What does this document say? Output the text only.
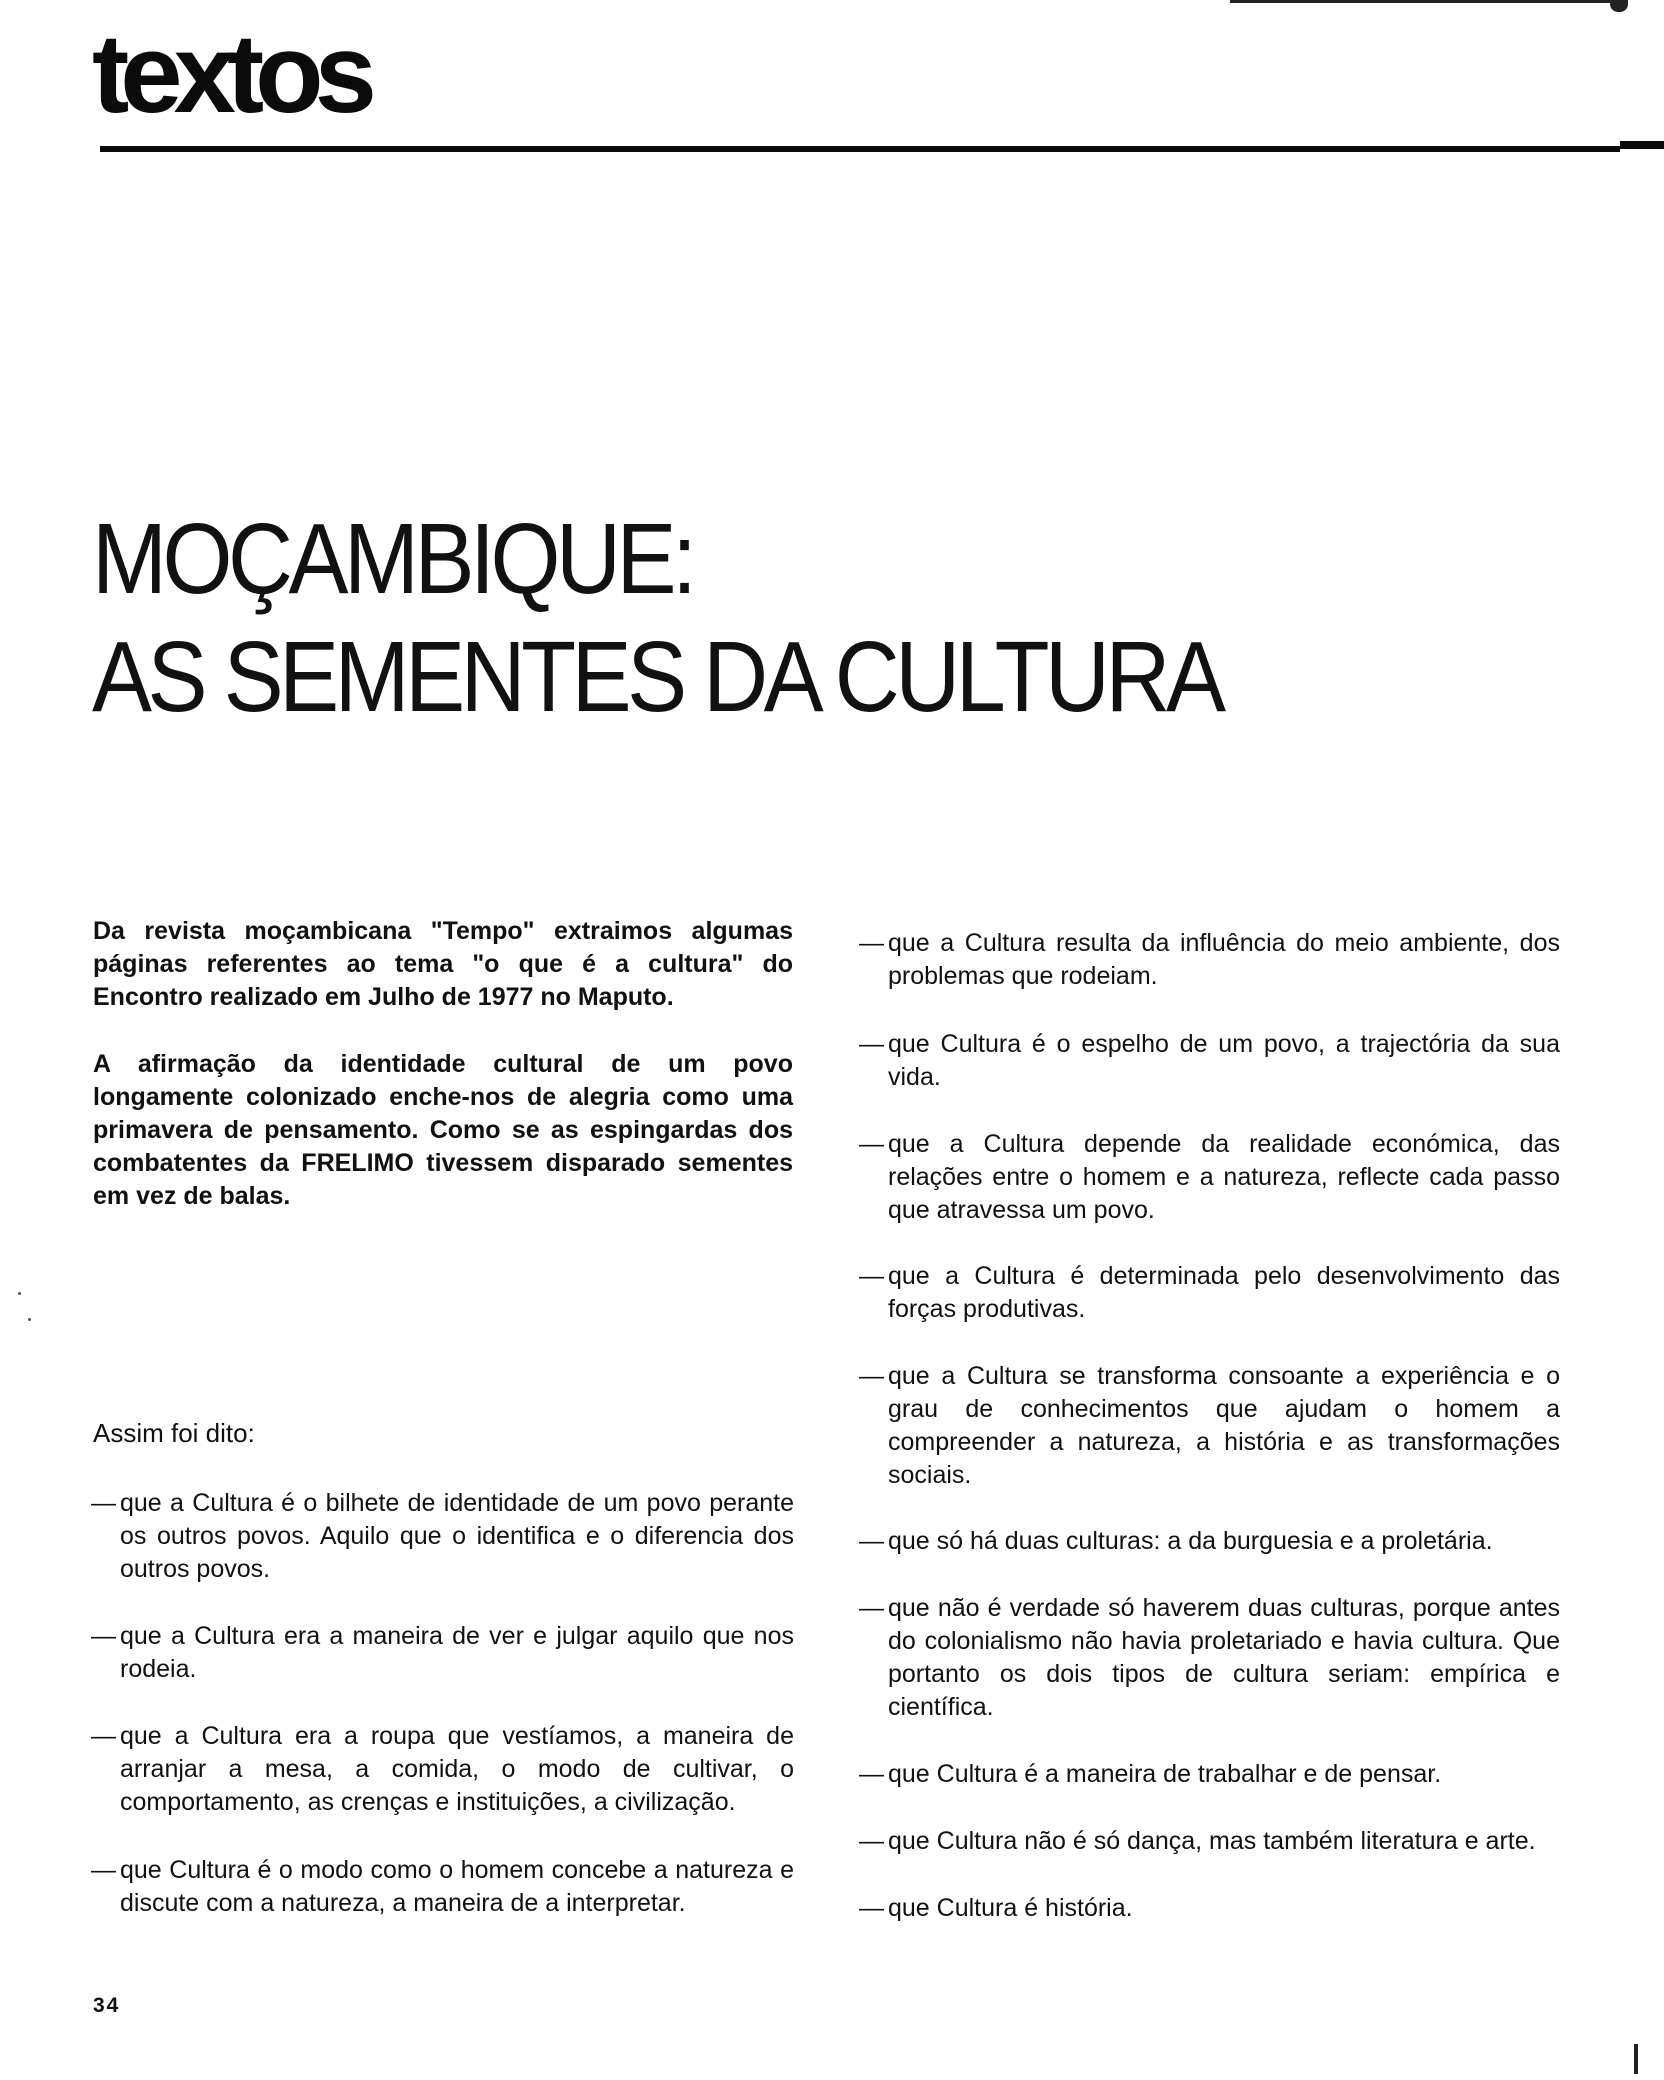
textos
MOÇAMBIQUE:
AS SEMENTES DA CULTURA

Da revista moçambicana "Tempo" extraimos algumas páginas referentes ao tema "o que é a cultura" do Encontro realizado em Julho de 1977 no Maputo.

A afirmação da identidade cultural de um povo longamente colonizado enche-nos de alegria como uma primavera de pensamento. Como se as espingardas dos combatentes da FRELIMO tivessem disparado sementes em vez de balas.

Assim foi dito:
— que a Cultura é o bilhete de identidade de um povo perante os outros povos. Aquilo que o identifica e o diferencia dos outros povos.
— que a Cultura era a maneira de ver e julgar aquilo que nos rodeia.
— que a Cultura era a roupa que vestíamos, a maneira de arranjar a mesa, a comida, o modo de cultivar, o comportamento, as crenças e instituições, a civilização.
— que Cultura é o modo como o homem concebe a natureza e discute com a natureza, a maneira de a interpretar.
— que a Cultura resulta da influência do meio ambiente, dos problemas que rodeiam.
— que Cultura é o espelho de um povo, a trajectória da sua vida.
— que a Cultura depende da realidade económica, das relações entre o homem e a natureza, reflecte cada passo que atravessa um povo.
— que a Cultura é determinada pelo desenvolvimento das forças produtivas.
— que a Cultura se transforma consoante a experiência e o grau de conhecimentos que ajudam o homem a compreender a natureza, a história e as transformações sociais.
— que só há duas culturas: a da burguesia e a proletária.
— que não é verdade só haverem duas culturas, porque antes do colonialismo não havia proletariado e havia cultura. Que portanto os dois tipos de cultura seriam: empírica e científica.
— que Cultura é a maneira de trabalhar e de pensar.
— que Cultura não é só dança, mas também literatura e arte.
— que Cultura é história.
34
